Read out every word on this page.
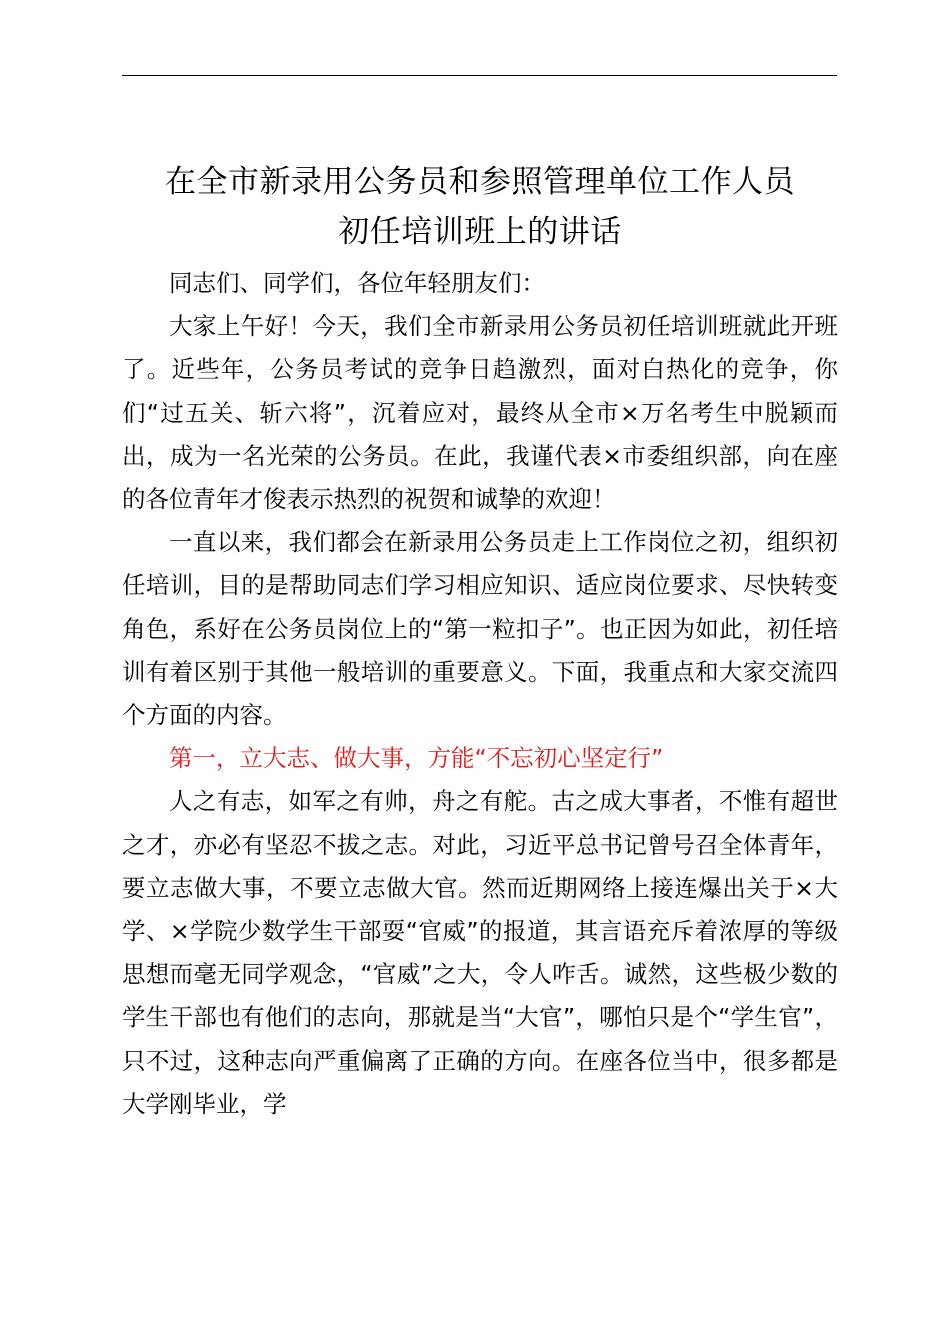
在全市新录用公务员和参照管理单位工作人员
初任培训班上的讲话

同志们、同学们，各位年轻朋友们：

大家上午好！今天，我们全市新录用公务员初任培训班就此开班了。近些年，公务员考试的竞争日趋激烈，面对白热化的竞争，你们“过五关、斩六将”，沉着应对，最终从全市×万名考生中脱颖而出，成为一名光荣的公务员。在此，我谨代表×市委组织部，向在座的各位青年才俊表示热烈的祝贺和诚挚的欢迎！

一直以来，我们都会在新录用公务员走上工作岗位之初，组织初任培训，目的是帮助同志们学习相应知识、适应岗位要求、尽快转变角色，系好在公务员岗位上的“第一粒扣子”。也正因为如此，初任培训有着区别于其他一般培训的重要意义。下面，我重点和大家交流四个方面的内容。

第一，立大志、做大事，方能“不忘初心坚定行”

人之有志，如军之有帅，舟之有舵。古之成大事者，不惟有超世之才，亦必有坚忍不拔之志。对此，习近平总书记曾号召全体青年，要立志做大事，不要立志做大官。然而近期网络上接连爆出关于×大学、×学院少数学生干部耍“官威”的报道，其言语充斥着浓厚的等级思想而毫无同学观念，“官威”之大，令人咋舌。诚然，这些极少数的学生干部也有他们的志向，那就是当“大官”，哪怕只是个“学生官”，只不过，这种志向严重偏离了正确的方向。在座各位当中，很多都是大学刚毕业，学
